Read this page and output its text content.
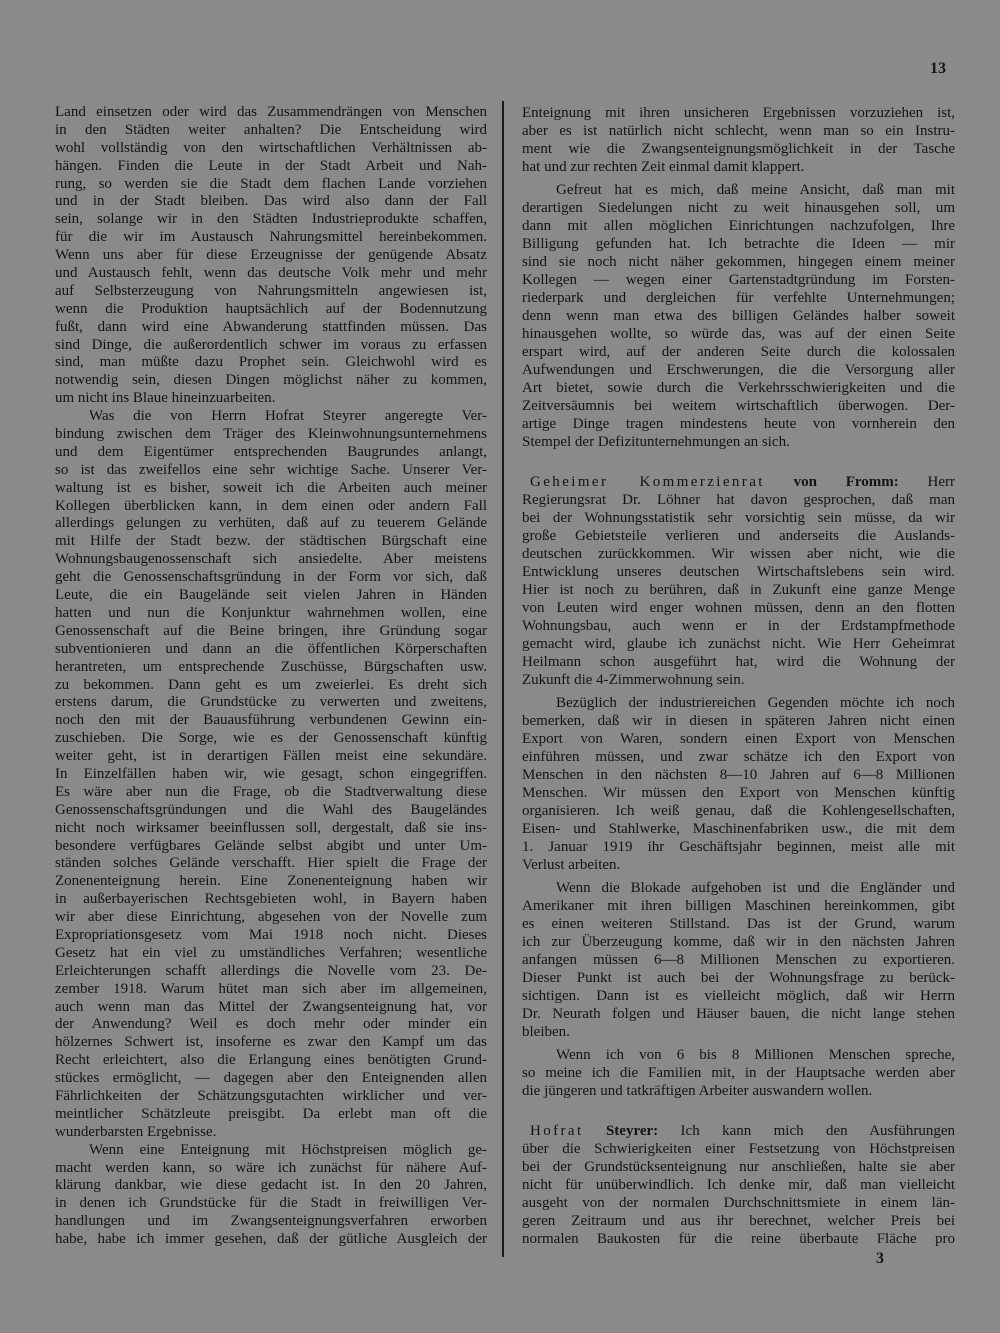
13
Land einsetzen oder wird das Zusammendrängen von Menschen
in den Städten weiter anhalten? Die Entscheidung wird
wohl vollständig von den wirtschaftlichen Verhältnissen ab-
hängen. Finden die Leute in der Stadt Arbeit und Nah-
rung, so werden sie die Stadt dem flachen Lande vorziehen
und in der Stadt bleiben. Das wird also dann der Fall
sein, solange wir in den Städten Industrieprodukte schaffen,
für die wir im Austausch Nahrungsmittel hereinbekommen.
Wenn uns aber für diese Erzeugnisse der genügende Absatz
und Austausch fehlt, wenn das deutsche Volk mehr und mehr
auf Selbsterzeugung von Nahrungsmitteln angewiesen ist,
wenn die Produktion hauptsächlich auf der Bodennutzung
fußt, dann wird eine Abwanderung stattfinden müssen. Das
sind Dinge, die außerordentlich schwer im voraus zu erfassen
sind, man müßte dazu Prophet sein. Gleichwohl wird es
notwendig sein, diesen Dingen möglichst näher zu kommen,
um nicht ins Blaue hineinzuarbeiten.
Was die von Herrn Hofrat Steyrer angeregte Ver-
bindung zwischen dem Träger des Kleinwohnungsunternehmens
und dem Eigentümer entsprechenden Baugrundes anlangt,
so ist das zweifellos eine sehr wichtige Sache. Unserer Ver-
waltung ist es bisher, soweit ich die Arbeiten auch meiner
Kollegen überblicken kann, in dem einen oder andern Fall
allerdings gelungen zu verhüten, daß auf zu teuerem Gelände
mit Hilfe der Stadt bezw. der städtischen Bürgschaft eine
Wohnungsbaugenossenschaft sich ansiedelte. Aber meistens
geht die Genossenschaftsgründung in der Form vor sich, daß
Leute, die ein Baugelände seit vielen Jahren in Händen
hatten und nun die Konjunktur wahrnehmen wollen, eine
Genossenschaft auf die Beine bringen, ihre Gründung sogar
subventionieren und dann an die öffentlichen Körperschaften
herantreten, um entsprechende Zuschüsse, Bürgschaften usw.
zu bekommen. Dann geht es um zweierlei. Es dreht sich
erstens darum, die Grundstücke zu verwerten und zweitens,
noch den mit der Bauausführung verbundenen Gewinn ein-
zuschieben. Die Sorge, wie es der Genossenschaft künftig
weiter geht, ist in derartigen Fällen meist eine sekundäre.
In Einzelfällen haben wir, wie gesagt, schon eingegriffen.
Es wäre aber nun die Frage, ob die Stadtverwaltung diese
Genossenschaftsgründungen und die Wahl des Baugeländes
nicht noch wirksamer beeinflussen soll, dergestalt, daß sie ins-
besondere verfügbares Gelände selbst abgibt und unter Um-
ständen solches Gelände verschafft. Hier spielt die Frage der
Zonenenteignung herein. Eine Zonenenteignung haben wir
in außerbayerischen Rechtsgebieten wohl, in Bayern haben
wir aber diese Einrichtung, abgesehen von der Novelle zum
Expropriationsgesetz vom Mai 1918 noch nicht. Dieses
Gesetz hat ein viel zu umständliches Verfahren; wesentliche
Erleichterungen schafft allerdings die Novelle vom 23. De-
zember 1918. Warum hütet man sich aber im allgemeinen,
auch wenn man das Mittel der Zwangsenteignung hat, vor
der Anwendung? Weil es doch mehr oder minder ein
hölzernes Schwert ist, insoferne es zwar den Kampf um das
Recht erleichtert, also die Erlangung eines benötigten Grund-
stückes ermöglicht, — dagegen aber den Enteignenden allen
Fährlichkeiten der Schätzungsgutachten wirklicher und ver-
meintlicher Schätzleute preisgibt. Da erlebt man oft die
wunderbarsten Ergebnisse.
Wenn eine Enteignung mit Höchstpreisen möglich ge-
macht werden kann, so wäre ich zunächst für nähere Auf-
klärung dankbar, wie diese gedacht ist. In den 20 Jahren,
in denen ich Grundstücke für die Stadt in freiwilligen Ver-
handlungen und im Zwangsenteignungsverfahren erworben
habe, habe ich immer gesehen, daß der gütliche Ausgleich der
Enteignung mit ihren unsicheren Ergebnissen vorzuziehen ist,
aber es ist natürlich nicht schlecht, wenn man so ein Instru-
ment wie die Zwangsenteignungsmöglichkeit in der Tasche
hat und zur rechten Zeit einmal damit klappert.
Gefreut hat es mich, daß meine Ansicht, daß man mit
derartigen Siedelungen nicht zu weit hinausgehen soll, um
dann mit allen möglichen Einrichtungen nachzufolgen, Ihre
Billigung gefunden hat. Ich betrachte die Ideen — mir
sind sie noch nicht näher gekommen, hingegen einem meiner
Kollegen — wegen einer Gartenstadtgründung im Forsten-
riederpark und dergleichen für verfehlte Unternehmungen;
denn wenn man etwa des billigen Geländes halber soweit
hinausgehen wollte, so würde das, was auf der einen Seite
erspart wird, auf der anderen Seite durch die kolossalen
Aufwendungen und Erschwerungen, die die Versorgung aller
Art bietet, sowie durch die Verkehrsschwierigkeiten und die
Zeitversäumnis bei weitem wirtschaftlich überwogen. Der-
artige Dinge tragen mindestens heute von vornherein den
Stempel der Defizitunternehmungen an sich.
Geheimer Kommerzienrat von Fromm: Herr
Regierungsrat Dr. Löhner hat davon gesprochen, daß man
bei der Wohnungsstatistik sehr vorsichtig sein müsse, da wir
große Gebietsteile verlieren und anderseits die Auslands-
deutschen zurückkommen. Wir wissen aber nicht, wie die
Entwicklung unseres deutschen Wirtschaftslebens sein wird.
Hier ist noch zu berühren, daß in Zukunft eine ganze Menge
von Leuten wird enger wohnen müssen, denn an den flotten
Wohnungsbau, auch wenn er in der Erdstampfmethode
gemacht wird, glaube ich zunächst nicht. Wie Herr Geheimrat
Heilmann schon ausgeführt hat, wird die Wohnung der
Zukunft die 4-Zimmerwohnung sein.
Bezüglich der industriereichen Gegenden möchte ich noch
bemerken, daß wir in diesen in späteren Jahren nicht einen
Export von Waren, sondern einen Export von Menschen
einführen müssen, und zwar schätze ich den Export von
Menschen in den nächsten 8—10 Jahren auf 6—8 Millionen
Menschen. Wir müssen den Export von Menschen künftig
organisieren. Ich weiß genau, daß die Kohlengesellschaften,
Eisen- und Stahlwerke, Maschinenfabriken usw., die mit dem
1. Januar 1919 ihr Geschäftsjahr beginnen, meist alle mit
Verlust arbeiten.
Wenn die Blokade aufgehoben ist und die Engländer und
Amerikaner mit ihren billigen Maschinen hereinkommen, gibt
es einen weiteren Stillstand. Das ist der Grund, warum
ich zur Überzeugung komme, daß wir in den nächsten Jahren
anfangen müssen 6—8 Millionen Menschen zu exportieren.
Dieser Punkt ist auch bei der Wohnungsfrage zu berück-
sichtigen. Dann ist es vielleicht möglich, daß wir Herrn
Dr. Neurath folgen und Häuser bauen, die nicht lange stehen
bleiben.
Wenn ich von 6 bis 8 Millionen Menschen spreche,
so meine ich die Familien mit, in der Hauptsache werden aber
die jüngeren und tatkräftigen Arbeiter auswandern wollen.
Hofrat Steyrer: Ich kann mich den Ausführungen
über die Schwierigkeiten einer Festsetzung von Höchstpreisen
bei der Grundstücksenteignung nur anschließen, halte sie aber
nicht für unüberwindlich. Ich denke mir, daß man vielleicht
ausgeht von der normalen Durchschnittsmiete in einem län-
geren Zeitraum und aus ihr berechnet, welcher Preis bei
normalen Baukosten für die reine überbaute Fläche pro
3
